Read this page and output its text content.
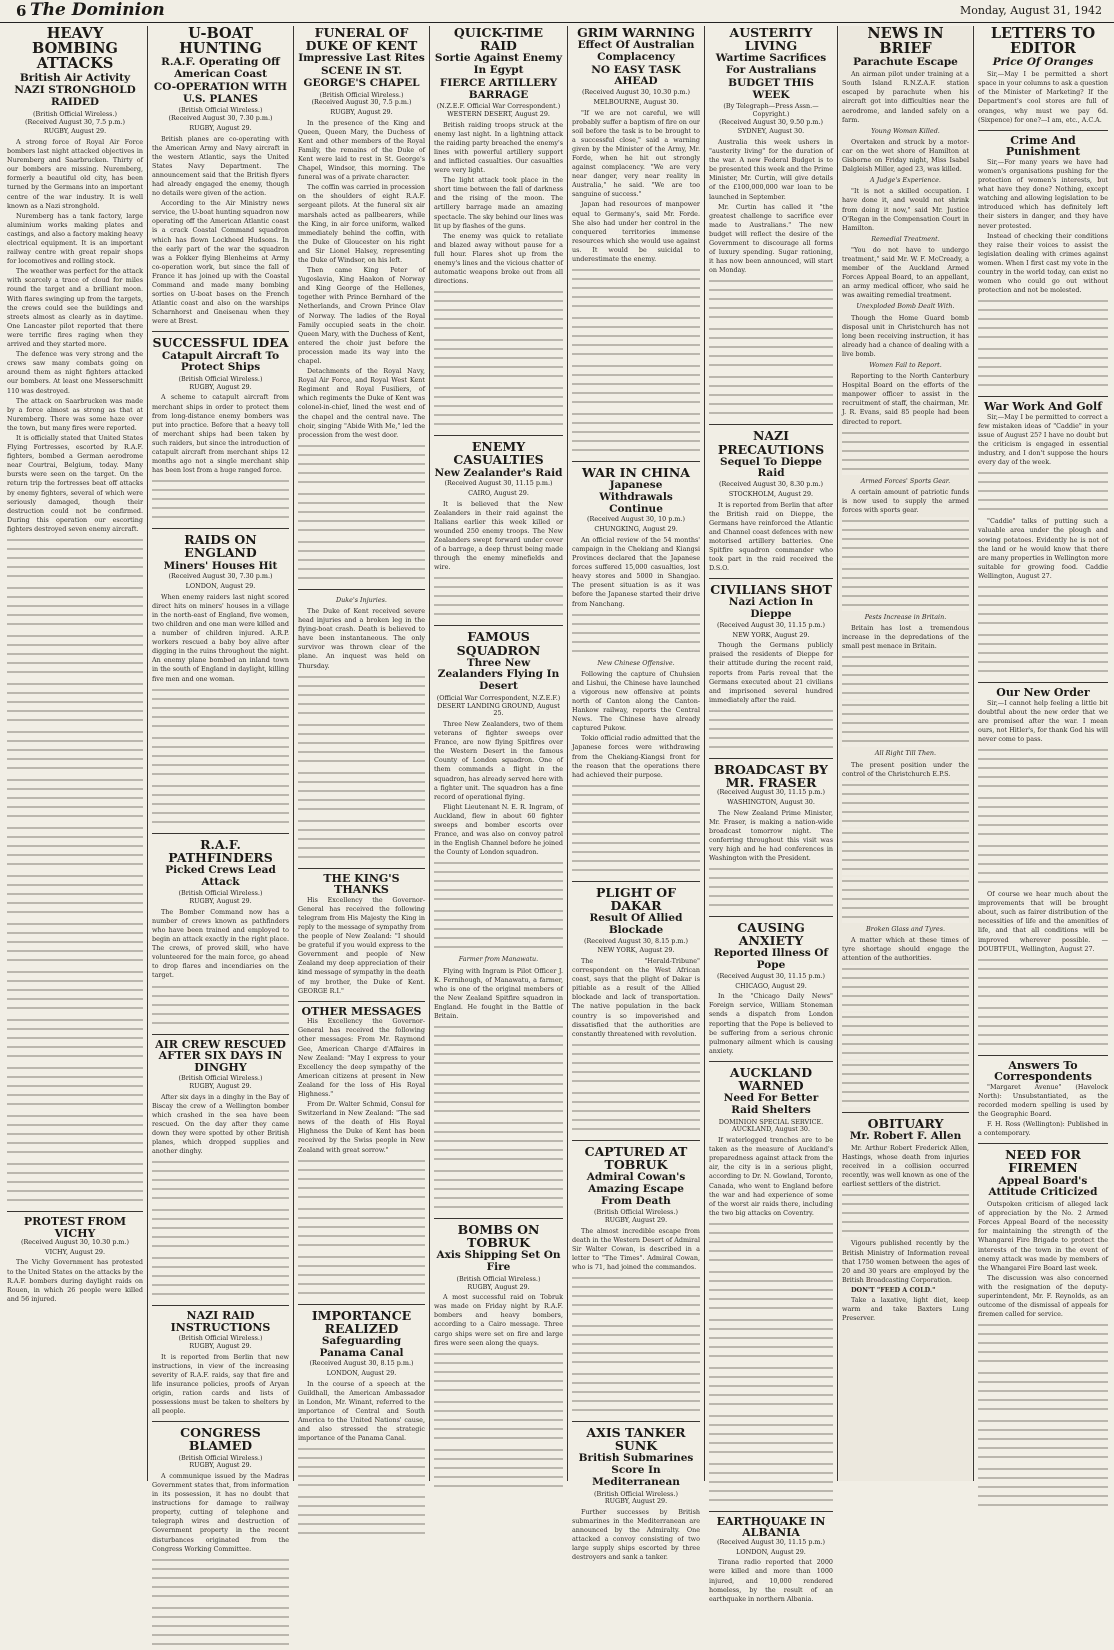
6 The Dominion	Monday, August 31, 1942
HEAVY BOMBING ATTACKS
British Air Activity
NAZI STRONGHOLD RAIDED

(British Official Wireless.)

(Received August 30, 7.5 p.m.)

RUGBY, August 29.

A strong force of Royal Air Force bombers last night attacked objectives in Nuremberg and Saarbrucken. Thirty of our bombers are missing. Nuremberg, formerly a beautiful old city, has been turned by the Germans into an important centre of the war industry. It is well known as a Nazi stronghold.

Nuremberg has a tank factory, large aluminium works making plates and castings, and also a factory making heavy electrical equipment. It is an important railway centre with great repair shops for locomotives and rolling stock.

The weather was perfect for the attack with scarcely a trace of cloud for miles round the target and a brilliant moon. With flares swinging up from the targets, the crews could see the buildings and streets almost as clearly as in daytime. One Lancaster pilot reported that there were terrific fires raging when they arrived and they started more.

The defence was very strong and the crews saw many combats going on around them as night fighters attacked our bombers. At least one Messerschmitt 110 was destroyed.

The attack on Saarbrucken was made by a force almost as strong as that at Nuremberg. There was some haze over the town, but many fires were reported.

It is officially stated that United States Flying Fortresses, escorted by R.A.F. fighters, bombed a German aerodrome near Courtrai, Belgium, today. Many bursts were seen on the target. On the return trip the fortresses beat off attacks by enemy fighters, several of which were seriously damaged, though their destruction could not be confirmed. During this operation our escorting fighters destroyed seven enemy aircraft.

PROTEST FROM VICHY

(Received August 30, 10.30 p.m.)

VICHY, August 29.

The Vichy Government has protested to the United States on the attacks by the R.A.F. bombers during daylight raids on Rouen, in which 26 people were killed and 56 injured.

U-BOAT HUNTING
R.A.F. Operating Off American Coast
CO-OPERATION WITH U.S. PLANES

(British Official Wireless.)

(Received August 30, 7.30 p.m.)

RUGBY, August 29.

British planes are co-operating with the American Army and Navy aircraft in the western Atlantic, says the United States Navy Department. The announcement said that the British flyers had already engaged the enemy, though no details were given of the action.

According to the Air Ministry news service, the U-boat hunting squadron now operating off the American Atlantic coast is a crack Coastal Command squadron which has flown Lockheed Hudsons. In the early part of the war the squadron was a Fokker flying Blenheims at Army co-operation work, but since the fall of France it has joined up with the Coastal Command and made many bombing sorties on U-boat bases on the French Atlantic coast and also on the warships Scharnhorst and Gneisenau when they were at Brest.

SUCCESSFUL IDEA
Catapult Aircraft To Protect Ships

(British Official Wireless.)

RUGBY, August 29.

A scheme to catapult aircraft from merchant ships in order to protect them from long-distance enemy bombers was put into practice. Before that a heavy toll of merchant ships had been taken by such raiders, but since the introduction of catapult aircraft from merchant ships 12 months ago not a single merchant ship has been lost from a huge ranged force.

RAIDS ON ENGLAND
Miners' Houses Hit

(Received August 30, 7.30 p.m.)

LONDON, August 29.

When enemy raiders last night scored direct hits on miners' houses in a village in the north-east of England, five women, two children and one man were killed and a number of children injured. A.R.P. workers rescued a baby boy alive after digging in the ruins throughout the night. An enemy plane bombed an inland town in the south of England in daylight, killing five men and one woman.

R.A.F. PATHFINDERS
Picked Crews Lead Attack

(British Official Wireless.)

RUGBY, August 29.

The Bomber Command now has a number of crews known as pathfinders who have been trained and employed to begin an attack exactly in the right place. The crews, of proved skill, who have volunteered for the main force, go ahead to drop flares and incendiaries on the target.

AIR CREW RESCUED AFTER SIX DAYS IN DINGHY

(British Official Wireless.)

RUGBY, August 29.

After six days in a dinghy in the Bay of Biscay the crew of a Wellington bomber which crashed in the sea have been rescued. On the day after they came down they were spotted by other British planes, which dropped supplies and another dinghy.

NAZI RAID INSTRUCTIONS

(British Official Wireless.)

RUGBY, August 29.

It is reported from Berlin that new instructions, in view of the increasing severity of R.A.F. raids, say that fire and life insurance policies, proofs of Aryan origin, ration cards and lists of possessions must be taken to shelters by all people.

CONGRESS BLAMED

(British Official Wireless.)

RUGBY, August 29.

A communique issued by the Madras Government states that, from information in its possession, it has no doubt that instructions for damage to railway property, cutting of telephone and telegraph wires and destruction of Government property in the recent disturbances originated from the Congress Working Committee.

FUNERAL OF DUKE OF KENT
Impressive Last Rites
SCENE IN ST. GEORGE'S CHAPEL

(British Official Wireless.)

(Received August 30, 7.5 p.m.)

RUGBY, August 29.

In the presence of the King and Queen, Queen Mary, the Duchess of Kent and other members of the Royal Family, the remains of the Duke of Kent were laid to rest in St. George's Chapel, Windsor, this morning. The funeral was of a private character.

The coffin was carried in procession on the shoulders of eight R.A.F. sergeant pilots. At the funeral six air marshals acted as pallbearers, while the King, in air force uniform, walked immediately behind the coffin, with the Duke of Gloucester on his right and Sir Lionel Halsey, representing the Duke of Windsor, on his left.

Then came King Peter of Yugoslavia, King Haakon of Norway and King George of the Hellenes, together with Prince Bernhard of the Netherlands, and Crown Prince Olav of Norway. The ladies of the Royal Family occupied seats in the choir. Queen Mary, with the Duchess of Kent, entered the choir just before the procession made its way into the chapel.

Detachments of the Royal Navy, Royal Air Force, and Royal West Kent Regiment and Royal Fusiliers, of which regiments the Duke of Kent was colonel-in-chief, lined the west end of the chapel and the central nave. The choir, singing "Abide With Me," led the procession from the west door.

Duke's Injuries.

The Duke of Kent received severe head injuries and a broken leg in the flying-boat crash. Death is believed to have been instantaneous. The only survivor was thrown clear of the plane. An inquest was held on Thursday.

THE KING'S THANKS

His Excellency the Governor-General has received the following telegram from His Majesty the King in reply to the message of sympathy from the people of New Zealand: "I should be grateful if you would express to the Government and people of New Zealand my deep appreciation of their kind message of sympathy in the death of my brother, the Duke of Kent. GEORGE R.I."

OTHER MESSAGES

His Excellency the Governor-General has received the following other messages: From Mr. Raymond Gee, American Charge d'Affaires in New Zealand: "May I express to your Excellency the deep sympathy of the American citizens at present in New Zealand for the loss of His Royal Highness."

From Dr. Walter Schmid, Consul for Switzerland in New Zealand: "The sad news of the death of His Royal Highness the Duke of Kent has been received by the Swiss people in New Zealand with great sorrow."

IMPORTANCE REALIZED
Safeguarding Panama Canal

(Received August 30, 8.15 p.m.)

LONDON, August 29.

In the course of a speech at the Guildhall, the American Ambassador in London, Mr. Winant, referred to the importance of Central and South America to the United Nations' cause, and also stressed the strategic importance of the Panama Canal.

QUICK-TIME RAID
Sortie Against Enemy In Egypt
FIERCE ARTILLERY BARRAGE

(N.Z.E.F. Official War Correspondent.)

WESTERN DESERT, August 29.

British raiding troops struck at the enemy last night. In a lightning attack the raiding party breached the enemy's lines with powerful artillery support and inflicted casualties. Our casualties were very light.

The light attack took place in the short time between the fall of darkness and the rising of the moon. The artillery barrage made an amazing spectacle. The sky behind our lines was lit up by flashes of the guns.

The enemy was quick to retaliate and blazed away without pause for a full hour. Flares shot up from the enemy's lines and the vicious chatter of automatic weapons broke out from all directions.

ENEMY CASUALTIES
New Zealander's Raid

(Received August 30, 11.15 p.m.)

CAIRO, August 29.

It is believed that the New Zealanders in their raid against the Italians earlier this week killed or wounded 250 enemy troops. The New Zealanders swept forward under cover of a barrage, a deep thrust being made through the enemy minefields and wire.

FAMOUS SQUADRON
Three New Zealanders Flying In Desert

(Official War Correspondent, N.Z.E.F.)

DESERT LANDING GROUND, August 25.

Three New Zealanders, two of them veterans of fighter sweeps over France, are now flying Spitfires over the Western Desert in the famous County of London squadron. One of them commands a flight in the squadron, has already served here with a fighter unit. The squadron has a fine record of operational flying.

Flight Lieutenant N. E. R. Ingram, of Auckland, flew in about 60 fighter sweeps and bomber escorts over France, and was also on convoy patrol in the English Channel before he joined the County of London squadron.

Farmer from Manawatu.

Flying with Ingram is Pilot Officer J. K. Fernihough, of Manawatu, a farmer, who is one of the original members of the New Zealand Spitfire squadron in England. He fought in the Battle of Britain.

BOMBS ON TOBRUK
Axis Shipping Set On Fire

(British Official Wireless.)

RUGBY, August 29.

A most successful raid on Tobruk was made on Friday night by R.A.F. bombers and heavy bombers, according to a Cairo message. Three cargo ships were set on fire and large fires were seen along the quays.

GRIM WARNING
Effect Of Australian Complacency
NO EASY TASK AHEAD

(Received August 30, 10.30 p.m.)

MELBOURNE, August 30.

"If we are not careful, we will probably suffer a baptism of fire on our soil before the task is to be brought to a successful close," said a warning given by the Minister of the Army, Mr. Forde, when he hit out strongly against complacency. "We are very near danger, very near reality in Australia," he said. "We are too sanguine of success."

Japan had resources of manpower equal to Germany's, said Mr. Forde. She also had under her control in the conquered territories immense resources which she would use against us. It would be suicidal to underestimate the enemy.

WAR IN CHINA
Japanese Withdrawals Continue

(Received August 30, 10 p.m.)

CHUNGKING, August 29.

An official review of the 54 months' campaign in the Chekiang and Kiangsi Provinces declared that the Japanese forces suffered 15,000 casualties, lost heavy stores and 5000 in Shangjao. The present situation is as it was before the Japanese started their drive from Nanchang.

New Chinese Offensive.

Following the capture of Chuhsien and Lishui, the Chinese have launched a vigorous new offensive at points north of Canton along the Canton-Hankow railway, reports the Central News. The Chinese have already captured Pukow.

Tokio official radio admitted that the Japanese forces were withdrawing from the Chekiang-Kiangsi front for the reason that the operations there had achieved their purpose.

PLIGHT OF DAKAR
Result Of Allied Blockade

(Received August 30, 8.15 p.m.)

NEW YORK, August 29.

The "Herald-Tribune" correspondent on the West African coast, says that the plight of Dakar is pitiable as a result of the Allied blockade and lack of transportation. The native population in the back country is so impoverished and dissatisfied that the authorities are constantly threatened with revolution.

CAPTURED AT TOBRUK
Admiral Cowan's Amazing Escape From Death

(British Official Wireless.)

RUGBY, August 29.

The almost incredible escape from death in the Western Desert of Admiral Sir Walter Cowan, is described in a letter to "The Times". Admiral Cowan, who is 71, had joined the commandos.

AXIS TANKER SUNK
British Submarines Score In Mediterranean

(British Official Wireless.)

RUGBY, August 29.

Further successes by British submarines in the Mediterranean are announced by the Admiralty. One attacked a convoy consisting of two large supply ships escorted by three destroyers and sank a tanker.

AUSTERITY LIVING
Wartime Sacrifices For Australians
BUDGET THIS WEEK

(By Telegraph—Press Assn.—Copyright.)

(Received August 30, 9.50 p.m.)

SYDNEY, August 30.

Australia this week ushers in "austerity living" for the duration of the war. A new Federal Budget is to be presented this week and the Prime Minister, Mr. Curtin, will give details of the £100,000,000 war loan to be launched in September.

Mr. Curtin has called it "the greatest challenge to sacrifice ever made to Australians." The new budget will reflect the desire of the Government to discourage all forms of luxury spending. Sugar rationing, it has now been announced, will start on Monday.

NAZI PRECAUTIONS
Sequel To Dieppe Raid

(Received August 30, 8.30 p.m.)

STOCKHOLM, August 29.

It is reported from Berlin that after the British raid on Dieppe, the Germans have reinforced the Atlantic and Channel coast defences with new motorised artillery batteries. One Spitfire squadron commander who took part in the raid received the D.S.O.

CIVILIANS SHOT
Nazi Action In Dieppe

(Received August 30, 11.15 p.m.)

NEW YORK, August 29.

Though the Germans publicly praised the residents of Dieppe for their attitude during the recent raid, reports from Paris reveal that the Germans executed about 21 civilians and imprisoned several hundred immediately after the raid.

BROADCAST BY MR. FRASER

(Received August 30, 11.15 p.m.)

WASHINGTON, August 30.

The New Zealand Prime Minister, Mr. Fraser, is making a nation-wide broadcast tomorrow night. The conferring throughout this visit was very high and he had conferences in Washington with the President.

CAUSING ANXIETY
Reported Illness Of Pope

(Received August 30, 11.15 p.m.)

CHICAGO, August 29.

In the "Chicago Daily News" Foreign service, William Stoneman sends a dispatch from London reporting that the Pope is believed to be suffering from a serious chronic pulmonary ailment which is causing anxiety.

AUCKLAND WARNED
Need For Better Raid Shelters

DOMINION SPECIAL SERVICE.

AUCKLAND, August 30.

If waterlogged trenches are to be taken as the measure of Auckland's preparedness against attack from the air, the city is in a serious plight, according to Dr. N. Gowland, Toronto, Canada, who went to England before the war and had experience of some of the worst air raids there, including the two big attacks on Coventry.

EARTHQUAKE IN ALBANIA

(Received August 30, 11.15 p.m.)

LONDON, August 29.

Tirana radio reported that 2000 were killed and more than 1000 injured, and 10,000 rendered homeless, by the result of an earthquake in northern Albania.

NEWS IN BRIEF
Parachute Escape

An airman pilot under training at a South Island R.N.Z.A.F. station escaped by parachute when his aircraft got into difficulties near the aerodrome, and landed safely on a farm.

Young Woman Killed.

Overtaken and struck by a motor-car on the wet shore of Hamilton at Gisborne on Friday night, Miss Isabel Dalgleish Miller, aged 23, was killed.

A Judge's Experience.

"It is not a skilled occupation. I have done it, and would not shrink from doing it now," said Mr. Justice O'Regan in the Compensation Court in Hamilton.

Remedial Treatment.

"You do not have to undergo treatment," said Mr. W. F. McCready, a member of the Auckland Armed Forces Appeal Board, to an appellant, an army medical officer, who said he was awaiting remedial treatment.

Unexploded Bomb Dealt With.

Though the Home Guard bomb disposal unit in Christchurch has not long been receiving instruction, it has already had a chance of dealing with a live bomb.

Women Fail to Report.

Reporting to the North Canterbury Hospital Board on the efforts of the manpower officer to assist in the recruitment of staff, the chairman, Mr. J. R. Evans, said 85 people had been directed to report.

Armed Forces' Sports Gear.

A certain amount of patriotic funds is now used to supply the armed forces with sports gear.

Pests Increase in Britain.

Britain has lost a tremendous increase in the depredations of the small pest menace in Britain.

All Right Till Then.

The present position under the control of the Christchurch E.P.S.

Broken Glass and Tyres.

A matter which at these times of tyre shortage should engage the attention of the authorities.

OBITUARY
Mr. Robert F. Allen

Mr. Arthur Robert Frederick Allen, Hastings, whose death from injuries received in a collision occurred recently, was well known as one of the earliest settlers of the district.

Vigours published recently by the British Ministry of Information reveal that 1750 women between the ages of 20 and 30 years are employed by the British Broadcasting Corporation.

DON'T "FEED A COLD."

Take a laxative, light diet, keep warm and take Baxters Lung Preserver.

LETTERS TO EDITOR
Price Of Oranges

Sir,—May I be permitted a short space in your columns to ask a question of the Minister of Marketing? If the Department's cool stores are full of oranges, why must we pay 6d. (Sixpence) for one?—I am, etc., A.C.A.

Crime And Punishment

Sir,—For many years we have had women's organisations pushing for the protection of women's interests, but what have they done? Nothing, except watching and allowing legislation to be introduced which has definitely left their sisters in danger, and they have never protested.

Instead of checking their conditions they raise their voices to assist the legislation dealing with crimes against women. When I first cast my vote in the country in the world today, can exist no women who could go out without protection and not be molested.

War Work And Golf

Sir,—May I be permitted to correct a few mistaken ideas of "Caddie" in your issue of August 25? I have no doubt but the criticism is engaged in essential industry, and I don't suppose the hours every day of the week.

"Caddie" talks of putting such a valuable area under the plough and sowing potatoes. Evidently he is not of the land or he would know that there are many properties in Wellington more suitable for growing food. Caddie Wellington, August 27.

Our New Order

Sir,—I cannot help feeling a little bit doubtful about the new order that we are promised after the war. I mean ours, not Hitler's, for thank God his will never come to pass.

Of course we hear much about the improvements that will be brought about, such as fairer distribution of the necessities of life and the amenities of life, and that all conditions will be improved wherever possible. — DOUBTFUL, Wellington, August 27.

Answers To Correspondents

"Margaret Avenue" (Havelock North): Unsubstantiated, as the recorded modern spelling is used by the Geographic Board.

F. H. Ross (Wellington): Published in a contemporary.

NEED FOR FIREMEN
Appeal Board's Attitude Criticized

Outspoken criticism of alleged lack of appreciation by the No. 2 Armed Forces Appeal Board of the necessity for maintaining the strength of the Whangarei Fire Brigade to protect the interests of the town in the event of enemy attack was made by members of the Whangarei Fire Board last week.

The discussion was also concerned with the resignation of the deputy-superintendent, Mr. F. Reynolds, as an outcome of the dismissal of appeals for firemen called for service.
